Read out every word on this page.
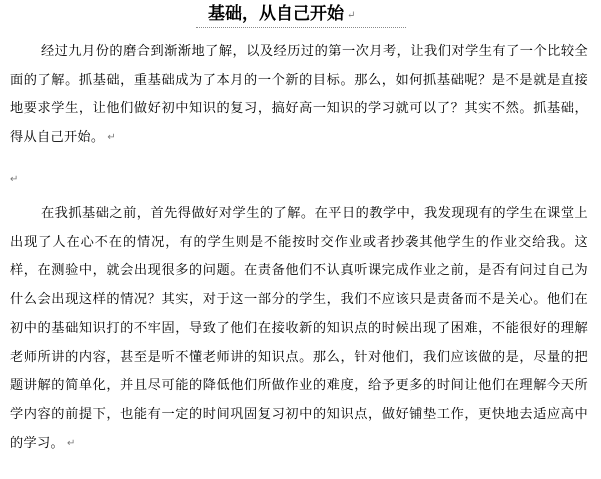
基础，从自己开始 ↵

经过九月份的磨合到渐渐地了解，以及经历过的第一次月考，让我们对学生有了一个比较全面的了解。抓基础，重基础成为了本月的一个新的目标。那么，如何抓基础呢？是不是就是直接地要求学生，让他们做好初中知识的复习，搞好高一知识的学习就可以了？其实不然。抓基础，得从自己开始。 ↵

↵

在我抓基础之前，首先得做好对学生的了解。在平日的教学中，我发现现有的学生在课堂上出现了人在心不在的情况，有的学生则是不能按时交作业或者抄袭其他学生的作业交给我。这样，在测验中，就会出现很多的问题。在责备他们不认真听课完成作业之前，是否有问过自己为什么会出现这样的情况？其实，对于这一部分的学生，我们不应该只是责备而不是关心。他们在初中的基础知识打的不牢固，导致了他们在接收新的知识点的时候出现了困难，不能很好的理解老师所讲的内容，甚至是听不懂老师讲的知识点。那么，针对他们，我们应该做的是，尽量的把题讲解的简单化，并且尽可能的降低他们所做作业的难度，给予更多的时间让他们在理解今天所学内容的前提下，也能有一定的时间巩固复习初中的知识点，做好铺垫工作，更快地去适应高中的学习。 ↵
